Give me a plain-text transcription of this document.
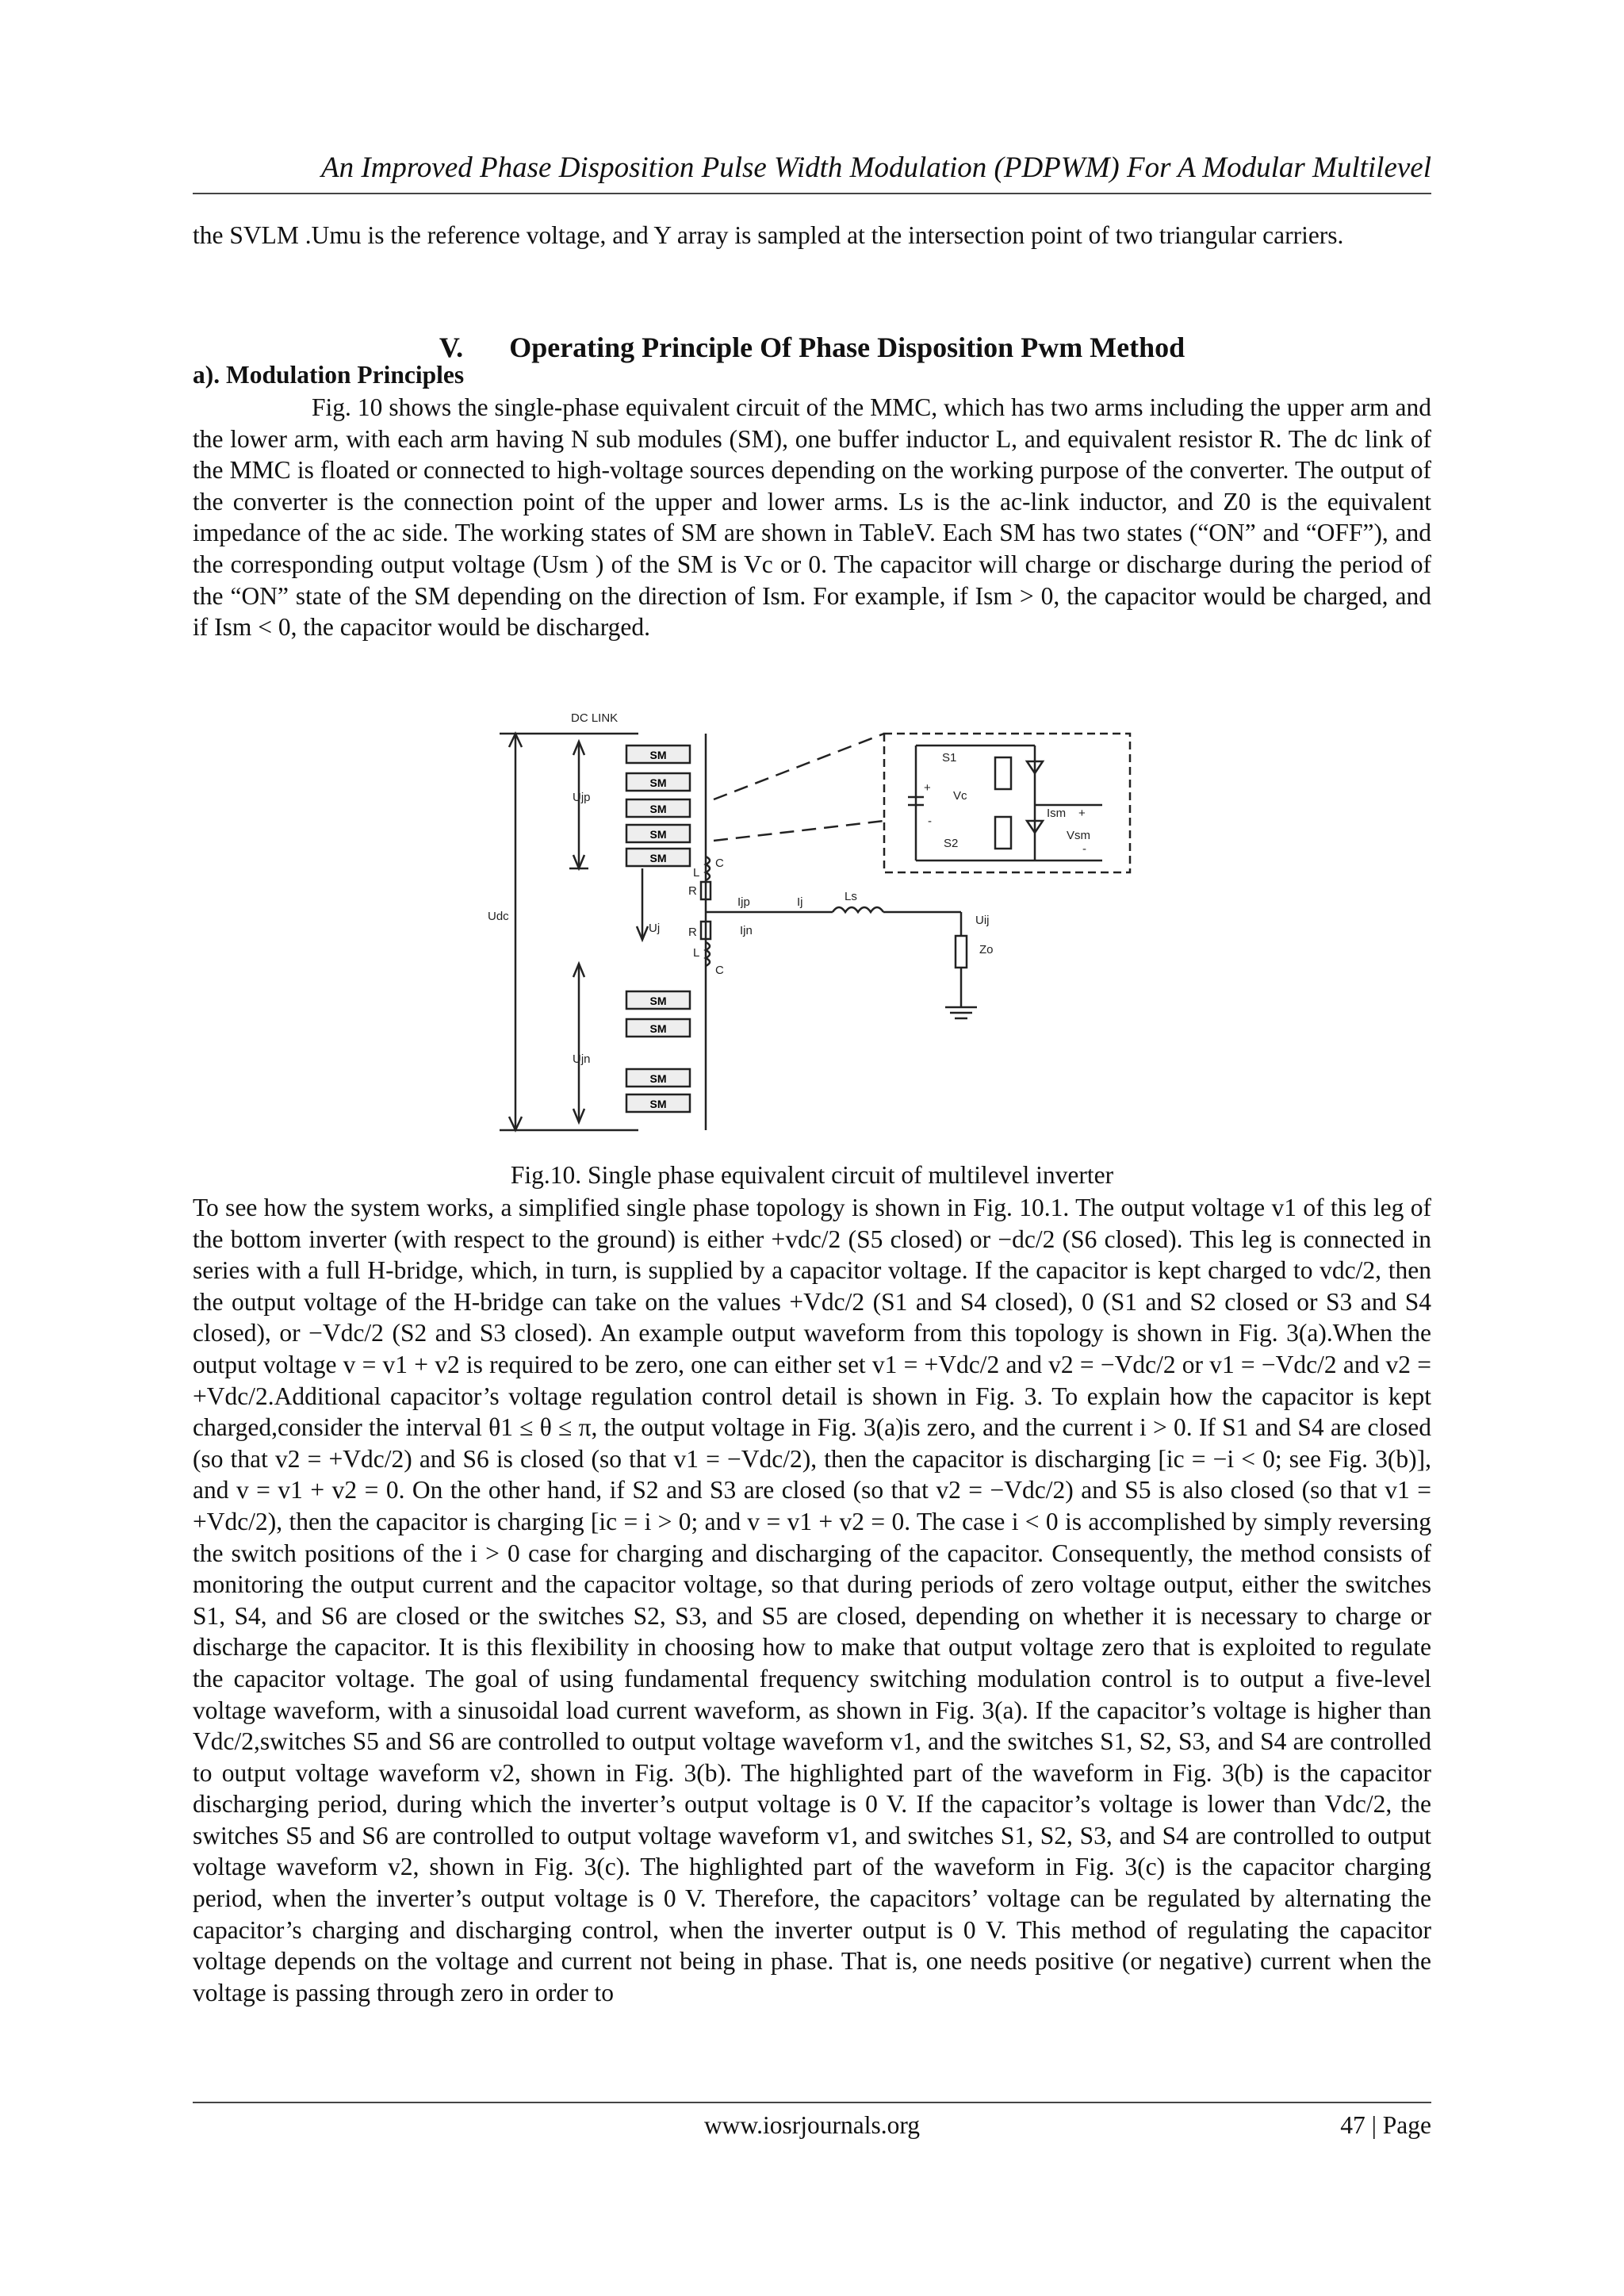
An Improved Phase Disposition Pulse Width Modulation (PDPWM) For A Modular Multilevel

the SVLM .Umu is the reference voltage, and Y array is sampled at the intersection point of two triangular carriers.

V. Operating Principle Of Phase Disposition Pwm Method
a). Modulation Principles

Fig. 10 shows the single-phase equivalent circuit of the MMC, which has two arms including the upper arm and the lower arm, with each arm having N sub modules (SM), one buffer inductor L, and equivalent resistor R. The dc link of the MMC is floated or connected to high-voltage sources depending on the working purpose of the converter. The output of the converter is the connection point of the upper and lower arms. Ls is the ac-link inductor, and Z0 is the equivalent impedance of the ac side. The working states of SM are shown in TableV. Each SM has two states (“ON” and “OFF”), and the corresponding output voltage (Usm ) of the SM is Vc or 0. The capacitor will charge or discharge during the period of the “ON” state of the SM depending on the direction of Ism. For example, if Ism > 0, the capacitor would be charged, and if Ism < 0, the capacitor would be discharged.

SM
SM
SM
SM
SM
SM
SM
SM
SM
DC LINK
Ujp
Udc
Uj
Ujn
C
L
R
Ijp	Ij
Ijn
Ls
R
L
C
Uij
Zo
S1
Vc
S2
Ism
Vsm
+
-
+
-
Fig.10. Single phase equivalent circuit of multilevel inverter

To see how the system works, a simplified single phase topology is shown in Fig. 10.1. The output voltage v1 of this leg of the bottom inverter (with respect to the ground) is either +vdc/2 (S5 closed) or −dc/2 (S6 closed). This leg is connected in series with a full H-bridge, which, in turn, is supplied by a capacitor voltage. If the capacitor is kept charged to vdc/2, then the output voltage of the H-bridge can take on the values +Vdc/2 (S1 and S4 closed), 0 (S1 and S2 closed or S3 and S4 closed), or −Vdc/2 (S2 and S3 closed). An example output waveform from this topology is shown in Fig. 3(a).When the output voltage v = v1 + v2 is required to be zero, one can either set v1 = +Vdc/2 and v2 = −Vdc/2 or v1 = −Vdc/2 and v2 = +Vdc/2.Additional capacitor’s voltage regulation control detail is shown in Fig. 3. To explain how the capacitor is kept charged,consider the interval θ1 ≤ θ ≤ π, the output voltage in Fig. 3(a)is zero, and the current i > 0. If S1 and S4 are closed (so that v2 = +Vdc/2) and S6 is closed (so that v1 = −Vdc/2), then the capacitor is discharging [ic = −i < 0; see Fig. 3(b)], and v = v1 + v2 = 0. On the other hand, if S2 and S3 are closed (so that v2 = −Vdc/2) and S5 is also closed (so that v1 = +Vdc/2), then the capacitor is charging [ic = i > 0; and v = v1 + v2 = 0. The case i < 0 is accomplished by simply reversing the switch positions of the i > 0 case for charging and discharging of the capacitor. Consequently, the method consists of monitoring the output current and the capacitor voltage, so that during periods of zero voltage output, either the switches S1, S4, and S6 are closed or the switches S2, S3, and S5 are closed, depending on whether it is necessary to charge or discharge the capacitor. It is this flexibility in choosing how to make that output voltage zero that is exploited to regulate the capacitor voltage. The goal of using fundamental frequency switching modulation control is to output a five-level voltage waveform, with a sinusoidal load current waveform, as shown in Fig. 3(a). If the capacitor’s voltage is higher than Vdc/2,switches S5 and S6 are controlled to output voltage waveform v1, and the switches S1, S2, S3, and S4 are controlled to output voltage waveform v2, shown in Fig. 3(b). The highlighted part of the waveform in Fig. 3(b) is the capacitor discharging period, during which the inverter’s output voltage is 0 V. If the capacitor’s voltage is lower than Vdc/2, the switches S5 and S6 are controlled to output voltage waveform v1, and switches S1, S2, S3, and S4 are controlled to output voltage waveform v2, shown in Fig. 3(c). The highlighted part of the waveform in Fig. 3(c) is the capacitor charging period, when the inverter’s output voltage is 0 V. Therefore, the capacitors’ voltage can be regulated by alternating the capacitor’s charging and discharging control, when the inverter output is 0 V. This method of regulating the capacitor voltage depends on the voltage and current not being in phase. That is, one needs positive (or negative) current when the voltage is passing through zero in order to

www.iosrjournals.org	47 | Page
